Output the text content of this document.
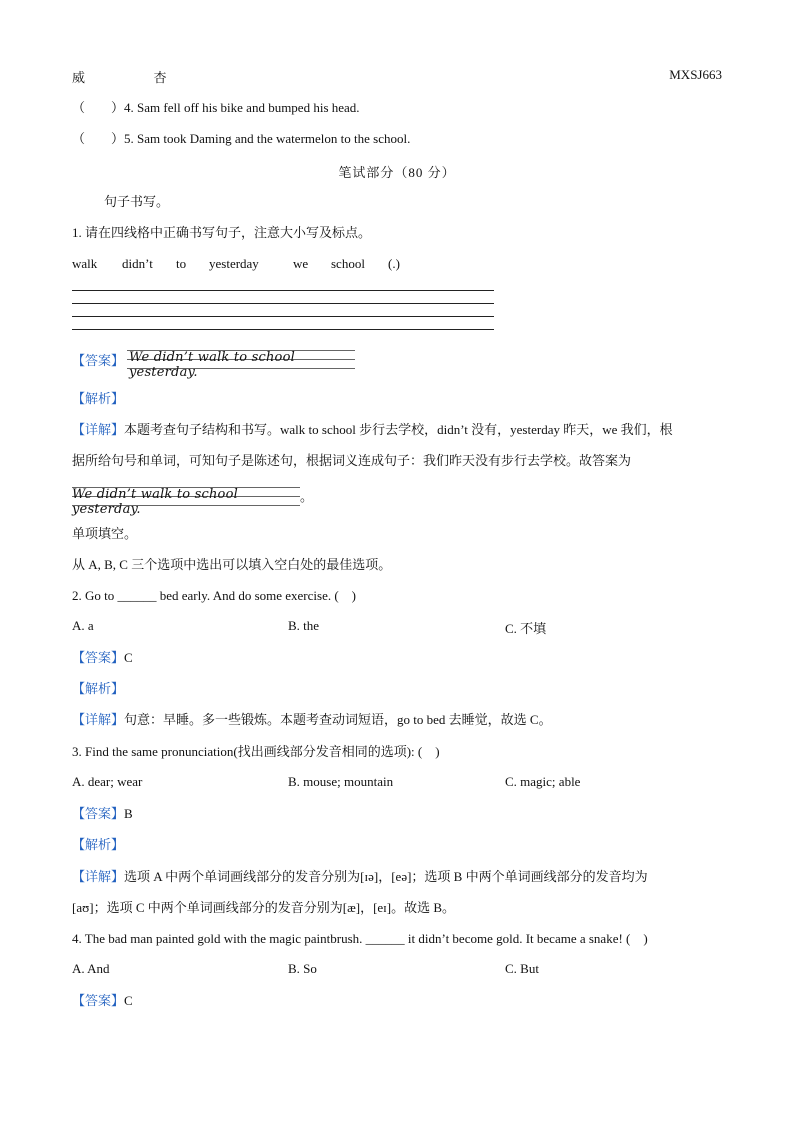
威	杏	MXSJ663
（　　）4. Sam fell off his bike and bumped his head.
（　　）5. Sam took Daming and the watermelon to the school.
笔试部分（80 分）
句子书写。
1. 请在四线格中正确书写句子，注意大小写及标点。
walk didn’t to yesterday	we school (.)
【答案】 We didn’t walk to school yesterday.
【解析】
【详解】本题考查句子结构和书写。walk to school 步行去学校，didn’t 没有，yesterday 昨天，we 我们，根
据所给句号和单词，可知句子是陈述句，根据词义连成句子：我们昨天没有步行去学校。故答案为
We didn’t walk to school yesterday.
。
单项填空。
从 A, B, C 三个选项中选出可以填入空白处的最佳选项。
2. Go to ______ bed early. And do some exercise. (　)
A. a	B. the	C. 不填
【答案】C
【解析】
【详解】句意：早睡。多一些锻炼。本题考查动词短语，go to bed 去睡觉，故选 C。
3. Find the same pronunciation(找出画线部分发音相同的选项): (　)
A. dear; wear	B. mouse; mountain	C. magic; able
【答案】B
【解析】
【详解】选项 A 中两个单词画线部分的发音分别为[ɪə]，[eə]；选项 B 中两个单词画线部分的发音均为
[aʊ]；选项 C 中两个单词画线部分的发音分别为[æ]，[eɪ]。故选 B。
4. The bad man painted gold with the magic paintbrush. ______ it didn’t become gold. It became a snake! (　)
A. And	B. So	C. But
【答案】C
